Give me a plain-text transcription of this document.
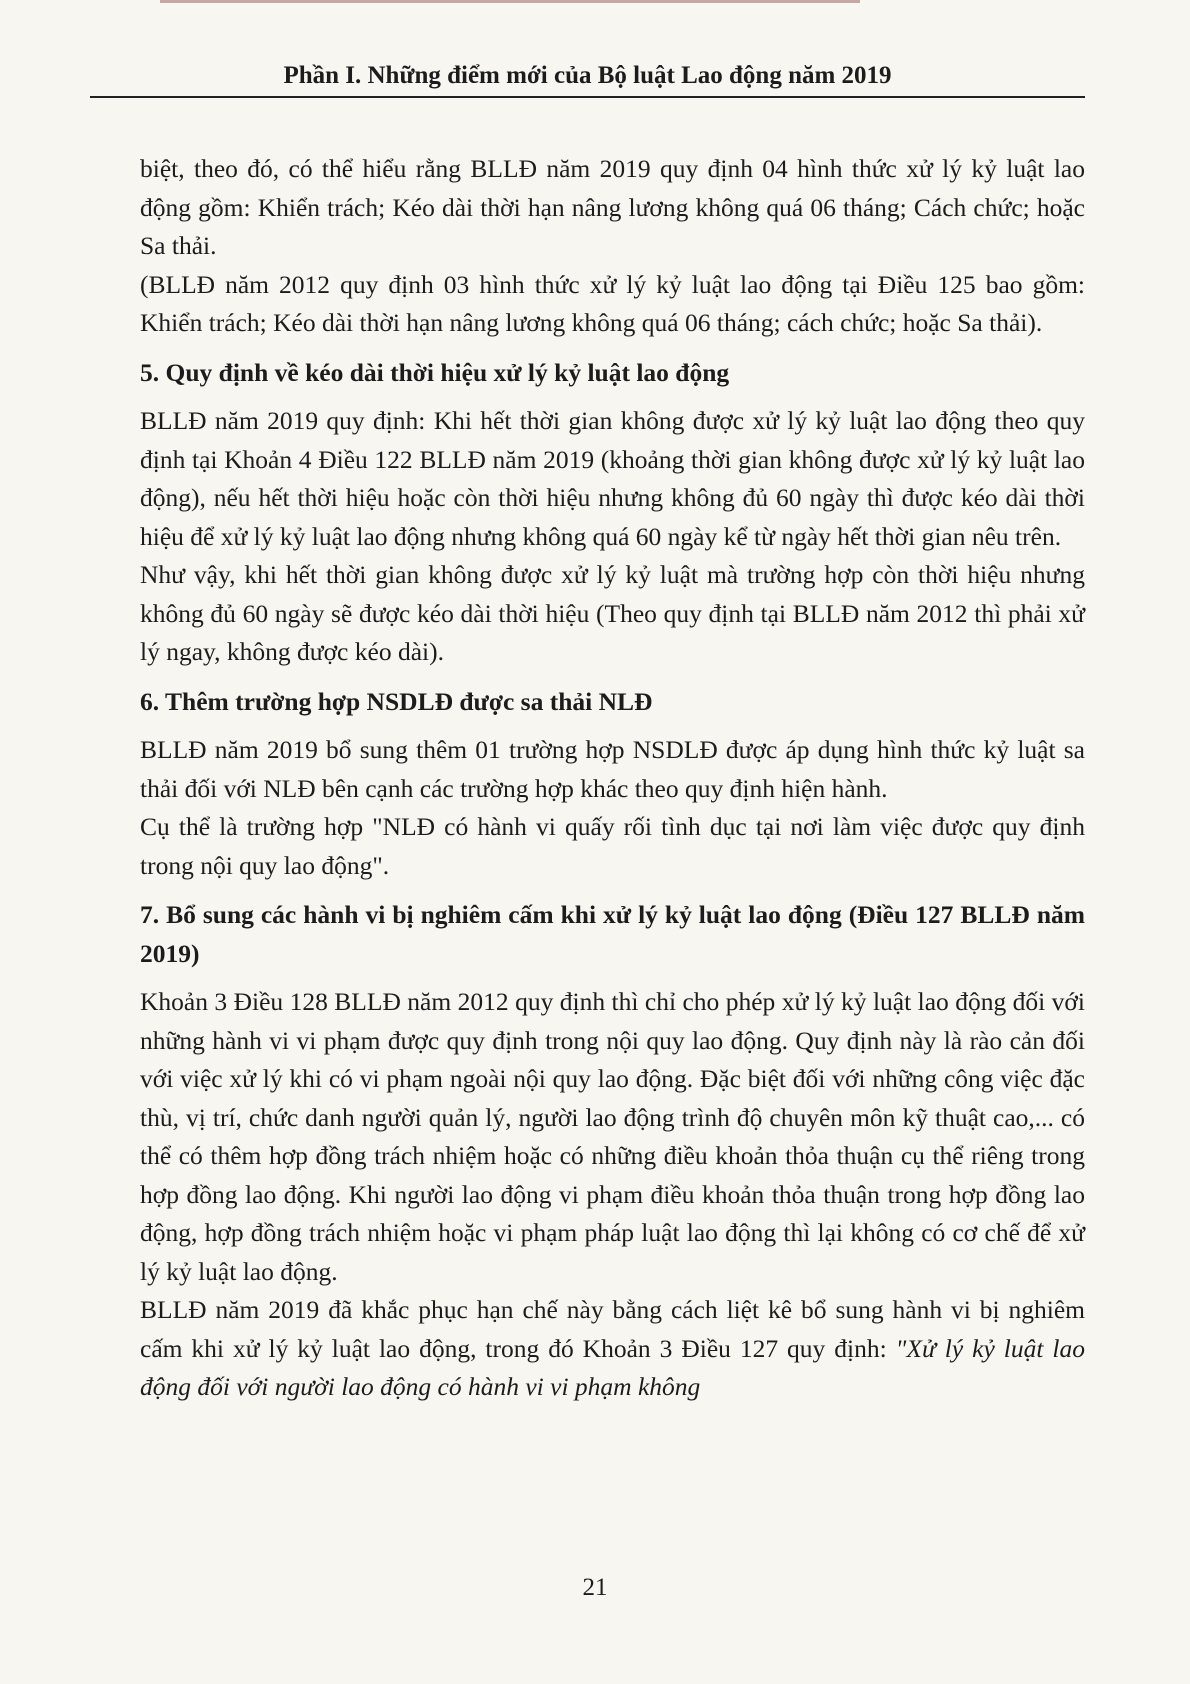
Phần I. Những điểm mới của Bộ luật Lao động năm 2019

biệt, theo đó, có thể hiểu rằng BLLĐ năm 2019 quy định 04 hình thức xử lý kỷ luật lao động gồm: Khiển trách; Kéo dài thời hạn nâng lương không quá 06 tháng; Cách chức; hoặc Sa thải.

(BLLĐ năm 2012 quy định 03 hình thức xử lý kỷ luật lao động tại Điều 125 bao gồm: Khiển trách; Kéo dài thời hạn nâng lương không quá 06 tháng; cách chức; hoặc Sa thải).

5. Quy định về kéo dài thời hiệu xử lý kỷ luật lao động

BLLĐ năm 2019 quy định: Khi hết thời gian không được xử lý kỷ luật lao động theo quy định tại Khoản 4 Điều 122 BLLĐ năm 2019 (khoảng thời gian không được xử lý kỷ luật lao động), nếu hết thời hiệu hoặc còn thời hiệu nhưng không đủ 60 ngày thì được kéo dài thời hiệu để xử lý kỷ luật lao động nhưng không quá 60 ngày kể từ ngày hết thời gian nêu trên.

Như vậy, khi hết thời gian không được xử lý kỷ luật mà trường hợp còn thời hiệu nhưng không đủ 60 ngày sẽ được kéo dài thời hiệu (Theo quy định tại BLLĐ năm 2012 thì phải xử lý ngay, không được kéo dài).

6. Thêm trường hợp NSDLĐ được sa thải NLĐ

BLLĐ năm 2019 bổ sung thêm 01 trường hợp NSDLĐ được áp dụng hình thức kỷ luật sa thải đối với NLĐ bên cạnh các trường hợp khác theo quy định hiện hành.

Cụ thể là trường hợp "NLĐ có hành vi quấy rối tình dục tại nơi làm việc được quy định trong nội quy lao động".

7. Bổ sung các hành vi bị nghiêm cấm khi xử lý kỷ luật lao động (Điều 127 BLLĐ năm 2019)

Khoản 3 Điều 128 BLLĐ năm 2012 quy định thì chỉ cho phép xử lý kỷ luật lao động đối với những hành vi vi phạm được quy định trong nội quy lao động. Quy định này là rào cản đối với việc xử lý khi có vi phạm ngoài nội quy lao động. Đặc biệt đối với những công việc đặc thù, vị trí, chức danh người quản lý, người lao động trình độ chuyên môn kỹ thuật cao,... có thể có thêm hợp đồng trách nhiệm hoặc có những điều khoản thỏa thuận cụ thể riêng trong hợp đồng lao động. Khi người lao động vi phạm điều khoản thỏa thuận trong hợp đồng lao động, hợp đồng trách nhiệm hoặc vi phạm pháp luật lao động thì lại không có cơ chế để xử lý kỷ luật lao động.

BLLĐ năm 2019 đã khắc phục hạn chế này bằng cách liệt kê bổ sung hành vi bị nghiêm cấm khi xử lý kỷ luật lao động, trong đó Khoản 3 Điều 127 quy định: "Xử lý kỷ luật lao động đối với người lao động có hành vi vi phạm không

21
